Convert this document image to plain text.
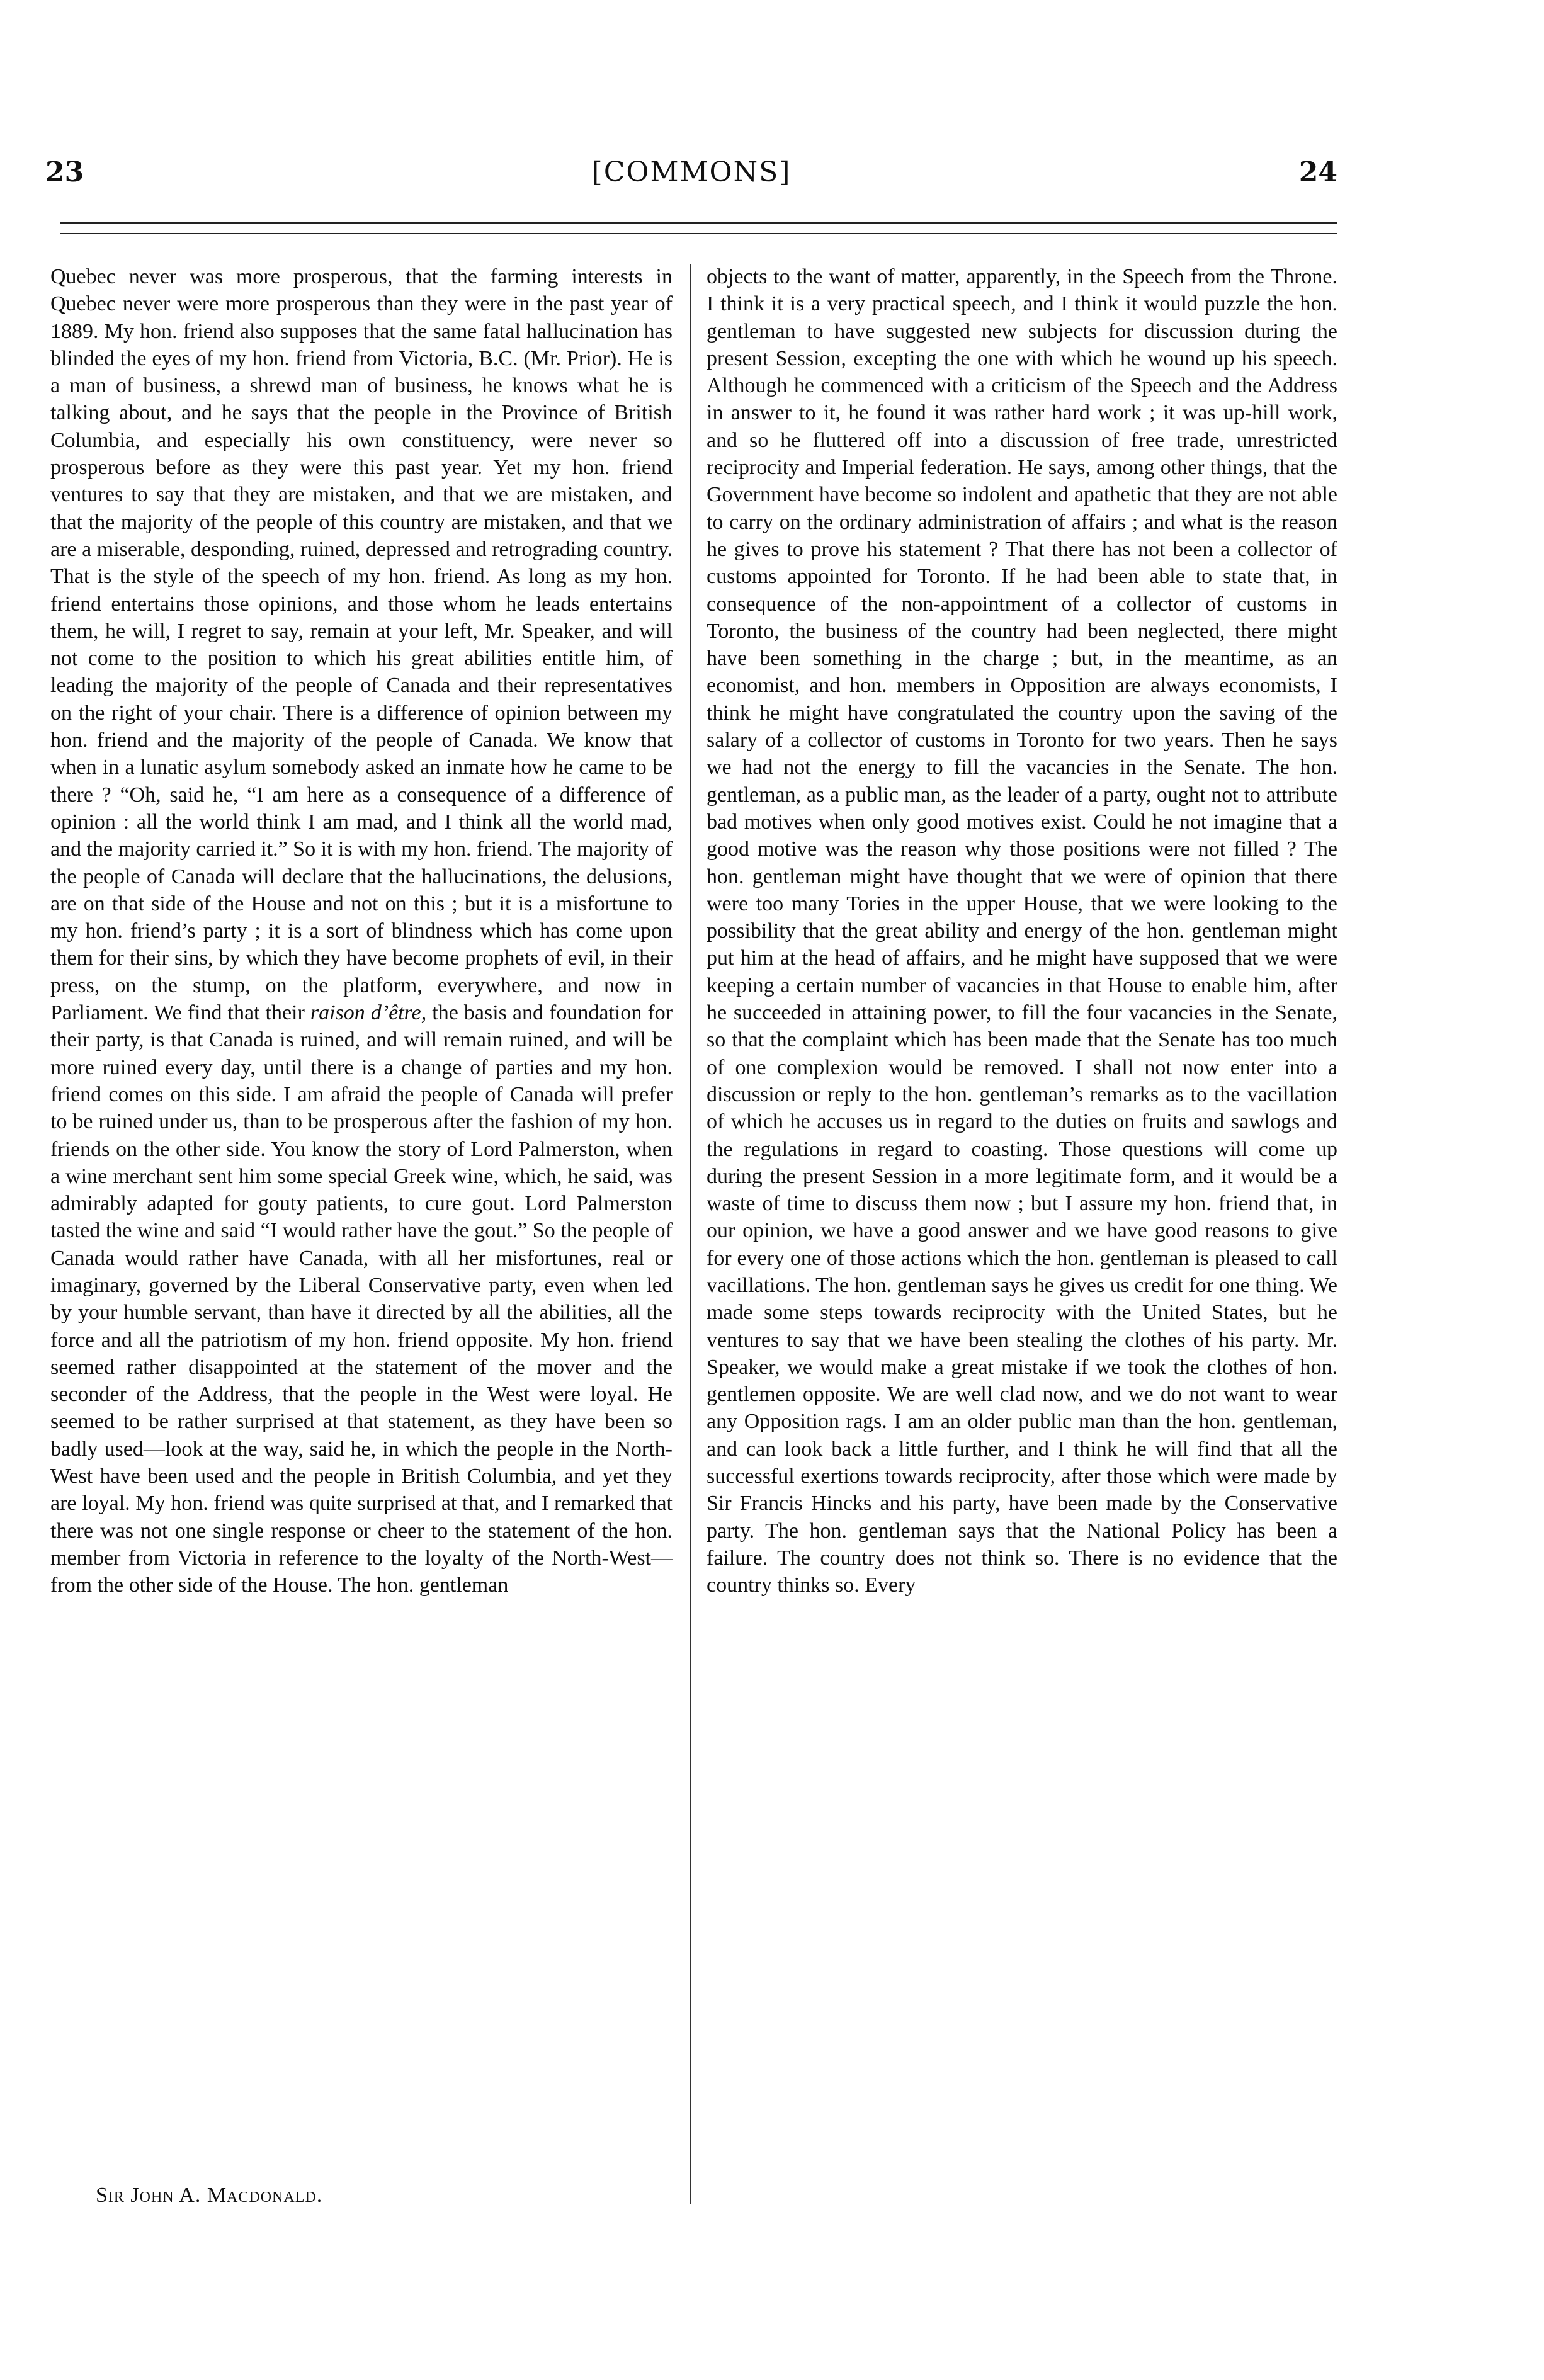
23	[COMMONS]	24

Quebec never was more prosperous, that the farming interests in Quebec never were more prosperous than they were in the past year of 1889. My hon. friend also supposes that the same fatal hallucination has blinded the eyes of my hon. friend from Victoria, B.C. (Mr. Prior). He is a man of business, a shrewd man of business, he knows what he is talking about, and he says that the people in the Province of British Columbia, and especially his own constituency, were never so prosperous before as they were this past year. Yet my hon. friend ventures to say that they are mistaken, and that we are mistaken, and that the majority of the people of this country are mistaken, and that we are a miserable, desponding, ruined, depressed and retrograding country. That is the style of the speech of my hon. friend. As long as my hon. friend entertains those opinions, and those whom he leads entertains them, he will, I regret to say, remain at your left, Mr. Speaker, and will not come to the position to which his great abilities entitle him, of leading the majority of the people of Canada and their representatives on the right of your chair. There is a difference of opinion between my hon. friend and the majority of the people of Canada. We know that when in a lunatic asylum somebody asked an inmate how he came to be there ? “Oh, said he, “I am here as a consequence of a difference of opinion : all the world think I am mad, and I think all the world mad, and the majority carried it.” So it is with my hon. friend. The majority of the people of Canada will declare that the hallucinations, the delusions, are on that side of the House and not on this ; but it is a misfortune to my hon. friend’s party ; it is a sort of blindness which has come upon them for their sins, by which they have become prophets of evil, in their press, on the stump, on the platform, everywhere, and now in Parliament. We find that their raison d’être, the basis and foundation for their party, is that Canada is ruined, and will remain ruined, and will be more ruined every day, until there is a change of parties and my hon. friend comes on this side. I am afraid the people of Canada will prefer to be ruined under us, than to be prosperous after the fashion of my hon. friends on the other side. You know the story of Lord Palmerston, when a wine merchant sent him some special Greek wine, which, he said, was admirably adapted for gouty patients, to cure gout. Lord Palmerston tasted the wine and said “I would rather have the gout.” So the people of Canada would rather have Canada, with all her misfortunes, real or imaginary, governed by the Liberal Conservative party, even when led by your humble servant, than have it directed by all the abilities, all the force and all the patriotism of my hon. friend opposite. My hon. friend seemed rather disappointed at the statement of the mover and the seconder of the Address, that the people in the West were loyal. He seemed to be rather surprised at that statement, as they have been so badly used—look at the way, said he, in which the people in the North-West have been used and the people in British Columbia, and yet they are loyal. My hon. friend was quite surprised at that, and I remarked that there was not one single response or cheer to the statement of the hon. member from Victoria in reference to the loyalty of the North-West—from the other side of the House. The hon. gentleman

Sir John A. Macdonald.

objects to the want of matter, apparently, in the Speech from the Throne. I think it is a very practical speech, and I think it would puzzle the hon. gentleman to have suggested new subjects for discussion during the present Session, excepting the one with which he wound up his speech. Although he commenced with a criticism of the Speech and the Address in answer to it, he found it was rather hard work ; it was up-hill work, and so he fluttered off into a discussion of free trade, unrestricted reciprocity and Imperial federation. He says, among other things, that the Government have become so indolent and apathetic that they are not able to carry on the ordinary administration of affairs ; and what is the reason he gives to prove his statement ? That there has not been a collector of customs appointed for Toronto. If he had been able to state that, in consequence of the non-appointment of a collector of customs in Toronto, the business of the country had been neglected, there might have been something in the charge ; but, in the meantime, as an economist, and hon. members in Opposition are always economists, I think he might have congratulated the country upon the saving of the salary of a collector of customs in Toronto for two years. Then he says we had not the energy to fill the vacancies in the Senate. The hon. gentleman, as a public man, as the leader of a party, ought not to attribute bad motives when only good motives exist. Could he not imagine that a good motive was the reason why those positions were not filled ? The hon. gentleman might have thought that we were of opinion that there were too many Tories in the upper House, that we were looking to the possibility that the great ability and energy of the hon. gentleman might put him at the head of affairs, and he might have supposed that we were keeping a certain number of vacancies in that House to enable him, after he succeeded in attaining power, to fill the four vacancies in the Senate, so that the complaint which has been made that the Senate has too much of one complexion would be removed. I shall not now enter into a discussion or reply to the hon. gentleman’s remarks as to the vacillation of which he accuses us in regard to the duties on fruits and sawlogs and the regulations in regard to coasting. Those questions will come up during the present Session in a more legitimate form, and it would be a waste of time to discuss them now ; but I assure my hon. friend that, in our opinion, we have a good answer and we have good reasons to give for every one of those actions which the hon. gentleman is pleased to call vacillations. The hon. gentleman says he gives us credit for one thing. We made some steps towards reciprocity with the United States, but he ventures to say that we have been stealing the clothes of his party. Mr. Speaker, we would make a great mistake if we took the clothes of hon. gentlemen opposite. We are well clad now, and we do not want to wear any Opposition rags. I am an older public man than the hon. gentleman, and can look back a little further, and I think he will find that all the successful exertions towards reciprocity, after those which were made by Sir Francis Hincks and his party, have been made by the Conservative party. The hon. gentleman says that the National Policy has been a failure. The country does not think so. There is no evidence that the country thinks so. Every
